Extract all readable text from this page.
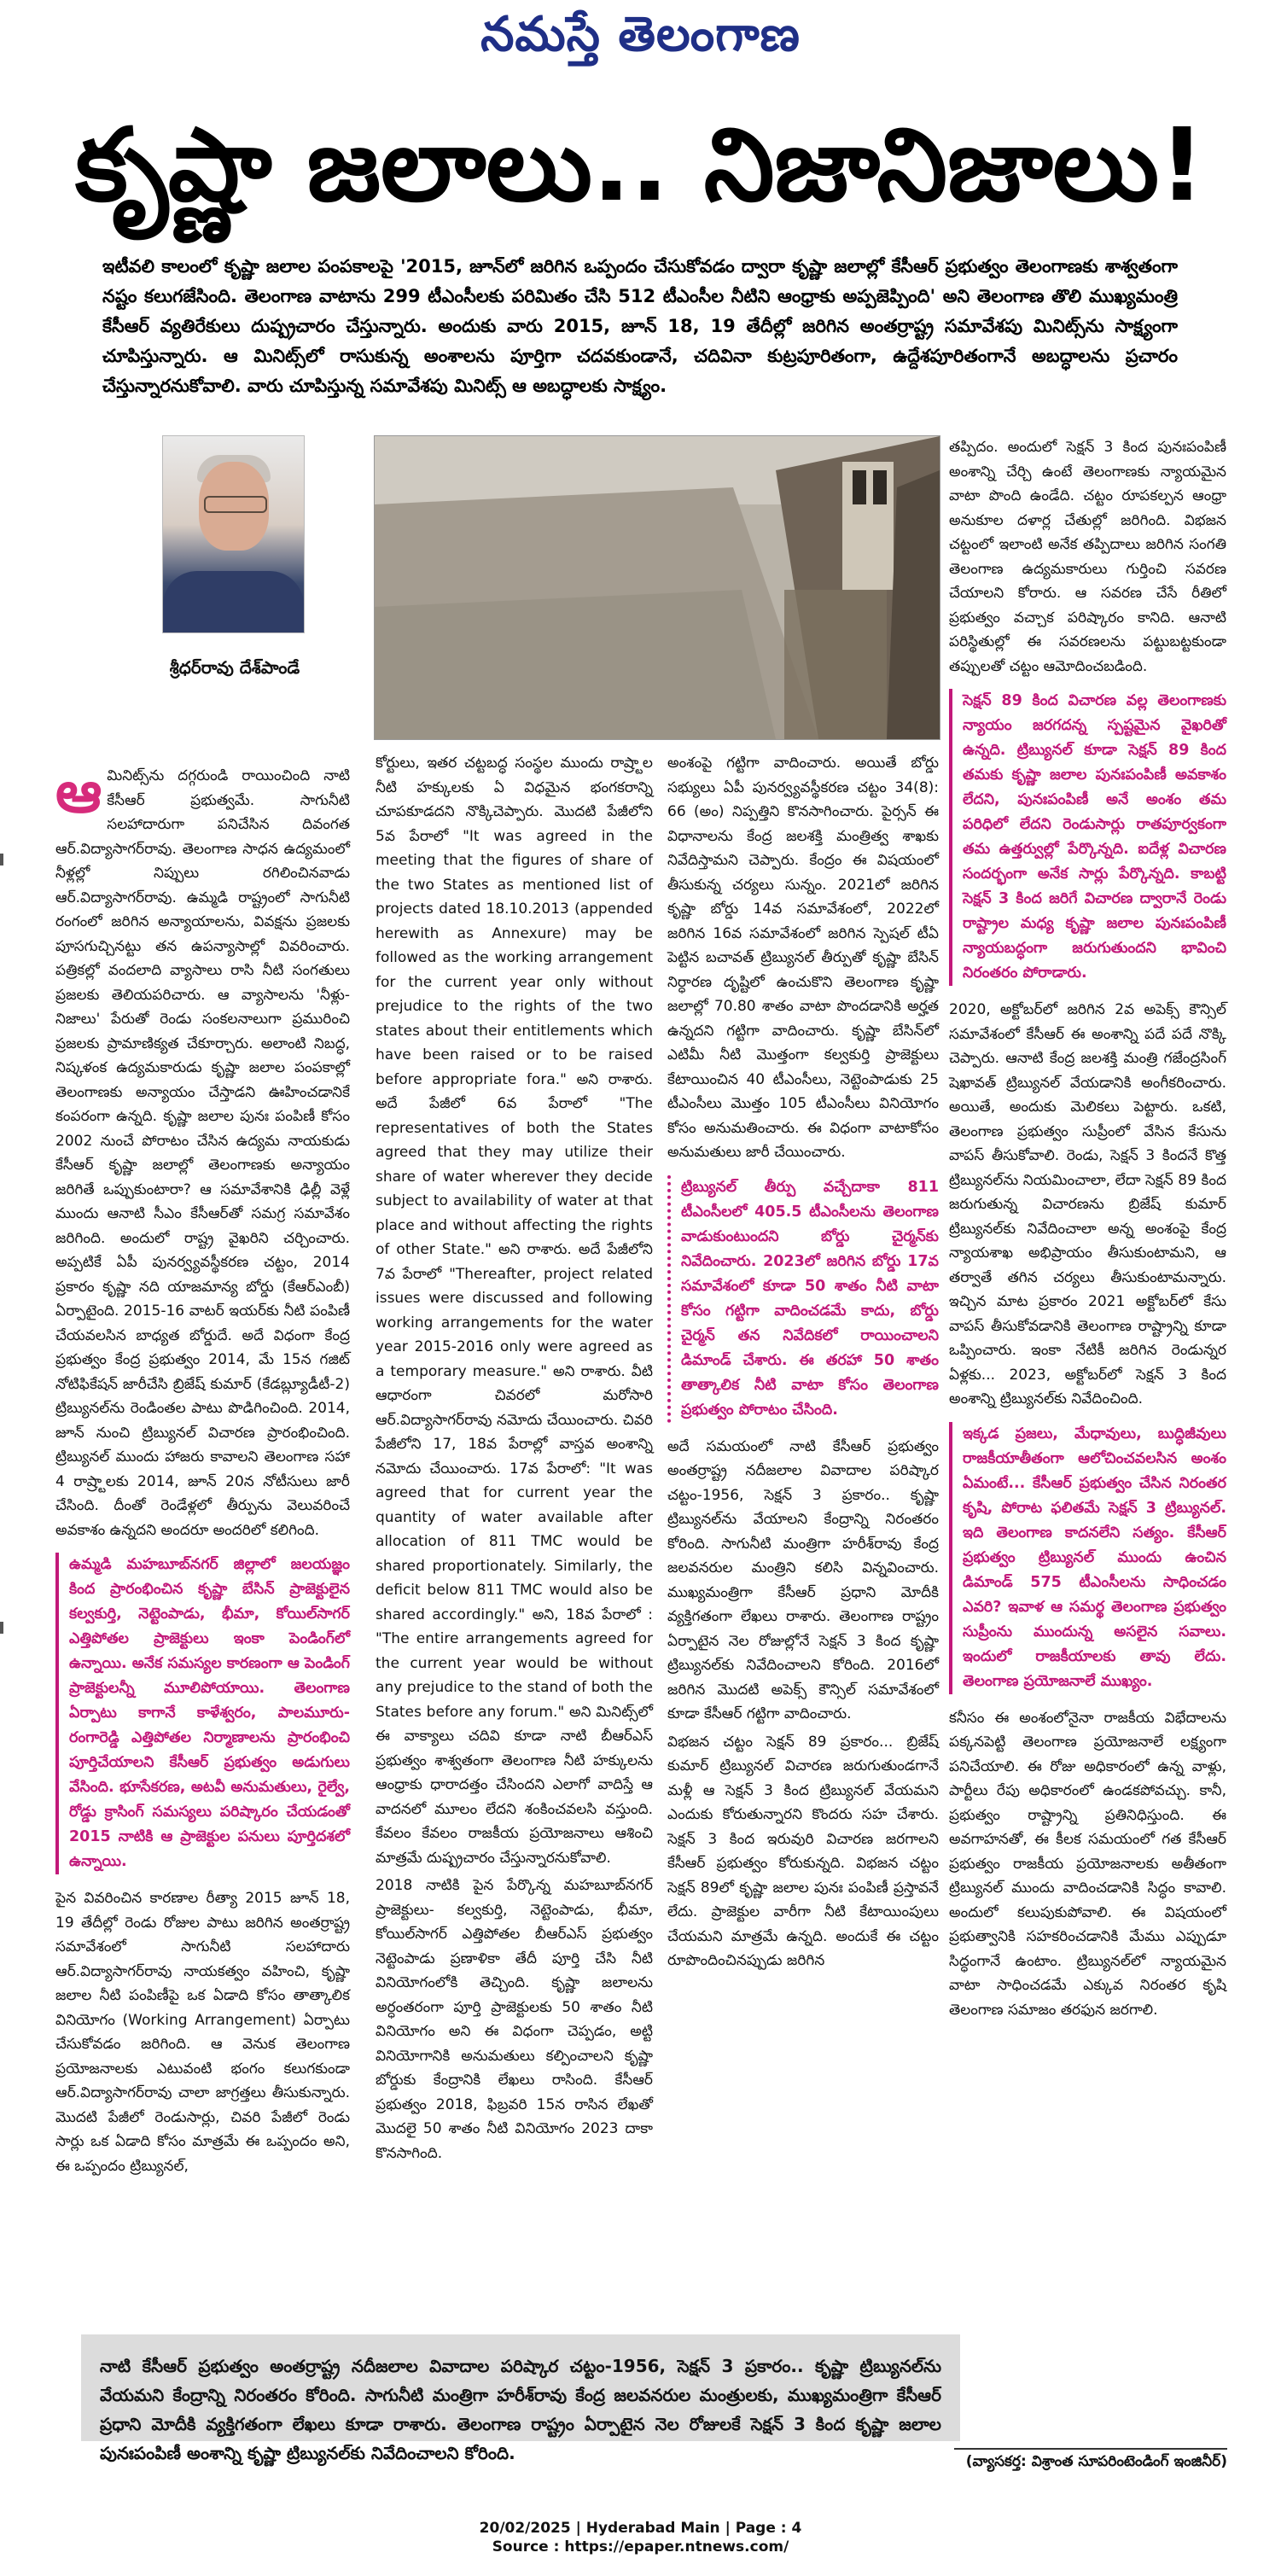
నమస్తే తెలంగాణ
కృష్ణా జలాలు.. నిజానిజాలు!
ఇటీవలి కాలంలో కృష్ణా జలాల పంపకాలపై '2015, జూన్‌లో జరిగిన ఒప్పందం చేసుకోవడం ద్వారా కృష్ణా జలాల్లో కేసీఆర్ ప్రభుత్వం తెలంగాణకు శాశ్వతంగా నష్టం కలుగజేసింది. తెలంగాణ వాటాను 299 టీఎంసీలకు పరిమితం చేసి 512 టీఎంసీల నీటిని ఆంధ్రాకు అప్పజెప్పింది' అని తెలంగాణ తొలి ముఖ్యమంత్రి కేసీఆర్ వ్యతిరేకులు దుష్ప్రచారం చేస్తున్నారు. అందుకు వారు 2015, జూన్ 18, 19 తేదీల్లో జరిగిన అంతర్రాష్ట్ర సమావేశపు మినిట్స్‌ను సాక్ష్యంగా చూపిస్తున్నారు. ఆ మినిట్స్‌లో రాసుకున్న అంశాలను పూర్తిగా చదవకుండానే, చదివినా కుట్రపూరితంగా, ఉద్దేశపూరితంగానే అబద్ధాలను ప్రచారం చేస్తున్నారనుకోవాలి. వారు చూపిస్తున్న సమావేశపు మినిట్స్ ఆ అబద్ధాలకు సాక్ష్యం.
శ్రీధర్‌రావు దేశ్‌పాండే

ఆమినిట్స్‌ను దగ్గరుండి రాయించింది నాటి కేసీఆర్ ప్రభుత్వమే. సాగునీటి సలహాదారుగా పనిచేసిన దివంగత ఆర్.విద్యాసాగర్‌రావు. తెలంగాణ సాధన ఉద్యమంలో నీళ్లల్లో నిప్పులు రగిలించినవాడు ఆర్.విద్యాసాగర్‌రావు. ఉమ్మడి రాష్ట్రంలో సాగునీటి రంగంలో జరిగిన అన్యాయాలను, వివక్షను ప్రజలకు పూసగుచ్చినట్టు తన ఉపన్యాసాల్లో వివరించారు. పత్రికల్లో వందలాది వ్యాసాలు రాసి నీటి సంగతులు ప్రజలకు తెలియపరిచారు. ఆ వ్యాసాలను 'నీళ్లు-నిజాలు' పేరుతో రెండు సంకలనాలుగా ప్రమురించి ప్రజలకు ప్రామాణిక్యత చేకూర్చారు. అలాంటి నిబద్ధ, నిష్కళంక ఉద్యమకారుడు కృష్ణా జలాల పంపకాల్లో తెలంగాణకు అన్యాయం చేస్తాడని ఊహించడానికే కంపరంగా ఉన్నది. కృష్ణా జలాల పునః పంపిణీ కోసం 2002 నుంచే పోరాటం చేసిన ఉద్యమ నాయకుడు కేసీఆర్ కృష్ణా జలాల్లో తెలంగాణకు అన్యాయం జరిగితే ఒప్పుకుంటారా? ఆ సమావేశానికి ఢిల్లీ వెళ్లే ముందు ఆనాటి సీఎం కేసీఆర్‌తో సమగ్ర సమావేశం జరిగింది. అందులో రాష్ట్ర వైఖరిని చర్చించారు. అప్పటికే ఏపీ పునర్వ్యవస్థీకరణ చట్టం, 2014 ప్రకారం కృష్ణా నది యాజమాన్య బోర్డు (కేఆర్ఎంబీ) ఏర్పాటైంది. 2015-16 వాటర్ ఇయర్‌కు నీటి పంపిణీ చేయవలసిన బాధ్యత బోర్డుదే. అదే విధంగా కేంద్ర ప్రభుత్వం కేంద్ర ప్రభుత్వం 2014, మే 15న గజిట్ నోటిఫికేషన్ జారీచేసి బ్రిజేష్ కుమార్ (కేడబ్ల్యూడీటీ-2) ట్రిబ్యునల్‌ను రెండింతల పాటు పొడిగించింది. 2014, జూన్ నుంచి ట్రిబ్యునల్ విచారణ ప్రారంభించింది. ట్రిబ్యునల్ ముందు హాజరు కావాలని తెలంగాణ సహా 4 రాష్ర్టాలకు 2014, జూన్ 20న నోటీసులు జారీ చేసింది. దీంతో రెండేళ్లలో తీర్పును వెలువరించే అవకాశం ఉన్నదని అందరూ అందరిలో కలిగింది.

ఉమ్మడి మహబూబ్‌నగర్ జిల్లాలో జలయజ్ఞం కింద ప్రారంభించిన కృష్ణా బేసిన్ ప్రాజెక్టులైన కల్వకుర్తి, నెట్టెంపాడు, భీమా, కోయిల్‌సాగర్ ఎత్తిపోతల ప్రాజెక్టులు ఇంకా పెండింగ్‌లో ఉన్నాయి. అనేక సమస్యల కారణంగా ఆ పెండింగ్ ప్రాజెక్టులన్నీ మూలిపోయాయి. తెలంగాణ ఏర్పాటు కాగానే కాళేశ్వరం, పాలమూరు-రంగారెడ్డి ఎత్తిపోతల నిర్మాణాలను ప్రారంభించి పూర్తిచేయాలని కేసీఆర్ ప్రభుత్వం అడుగులు వేసింది. భూసేకరణ, అటవీ అనుమతులు, రైల్వే, రోడ్డు క్రాసింగ్ సమస్యలు పరిష్కారం చేయడంతో 2015 నాటికి ఆ ప్రాజెక్టుల పనులు పూర్తిదశలో ఉన్నాయి.

పైన వివరించిన కారణాల రీత్యా 2015 జూన్ 18, 19 తేదీల్లో రెండు రోజుల పాటు జరిగిన అంతర్రాష్ట్ర సమావేశంలో సాగునీటి సలహాదారు ఆర్.విద్యాసాగర్‌రావు నాయకత్వం వహించి, కృష్ణా జలాల నీటి పంపిణీపై ఒక ఏడాది కోసం తాత్కాలిక వినియోగం (Working Arrangement) ఏర్పాటు చేసుకోవడం జరిగింది. ఆ వెనుక తెలంగాణ ప్రయోజనాలకు ఎటువంటి భంగం కలుగకుండా ఆర్.విద్యాసాగర్‌రావు చాలా జాగ్రత్తలు తీసుకున్నారు. మొదటి పేజీలో రెండుసార్లు, చివరి పేజీలో రెండు సార్లు ఒక ఏడాది కోసం మాత్రమే ఈ ఒప్పందం అని, ఈ ఒప్పందం ట్రిబ్యునల్,

కోర్టులు, ఇతర చట్టబద్ధ సంస్థల ముందు రాష్ర్టాల నీటి హక్కులకు ఏ విధమైన భంగకరాన్ని చూపకూడదని నొక్కిచెప్పారు. మొదటి పేజీలోని 5వ పేరాలో "It was agreed in the meeting that the figures of share of the two States as mentioned list of projects dated 18.10.2013 (appended herewith as Annexure) may be followed as the working arrangement for the current year only without prejudice to the rights of the two states about their entitlements which have been raised or to be raised before appropriate fora." అని రాశారు. అదే పేజీలో 6వ పేరాలో "The representatives of both the States agreed that they may utilize their share of water wherever they decide subject to availability of water at that place and without affecting the rights of other State." అని రాశారు. అదే పేజీలోని 7వ పేరాలో "Thereafter, project related issues were discussed and following working arrangements for the water year 2015-2016 only were agreed as a temporary measure." అని రాశారు. వీటి ఆధారంగా చివరలో మరోసారి ఆర్.విద్యాసాగర్‌రావు నమోదు చేయించారు. చివరి పేజీలోని 17, 18వ పేరాల్లో వాస్తవ అంశాన్ని నమోదు చేయించారు. 17వ పేరాలో: "It was agreed that for current year the quantity of water available after allocation of 811 TMC would be shared proportionately. Similarly, the deficit below 811 TMC would also be shared accordingly." అని, 18వ పేరాలో : "The entire arrangements agreed for the current year would be without any prejudice to the stand of both the States before any forum." అని మినిట్స్‌లో ఈ వాక్యాలు చదివి కూడా నాటి బీఆర్ఎస్ ప్రభుత్వం శాశ్వతంగా తెలంగాణ నీటి హక్కులను ఆంధ్రాకు ధారాదత్తం చేసిందని ఎలాగో వాదిస్తే ఆ వాదనలో మూలం లేదని శంకించవలసి వస్తుంది. కేవలం కేవలం రాజకీయ ప్రయోజనాలు ఆశించి మాత్రమే దుష్ప్రచారం చేస్తున్నారనుకోవాలి.

2018 నాటికి పైన పేర్కొన్న మహబూబ్‌నగర్ ప్రాజెక్టులు- కల్వకుర్తి, నెట్టెంపాడు, భీమా, కోయిల్‌సాగర్ ఎత్తిపోతల బీఆర్ఎస్ ప్రభుత్వం నెట్టెంపాడు ప్రణాళికా తేదీ పూర్తి చేసి నీటి వినియోగంలోకి తెచ్చింది. కృష్ణా జలాలను అర్ధంతరంగా పూర్తి ప్రాజెక్టులకు 50 శాతం నీటి వినియోగం అని ఈ విధంగా చెప్పడం, అట్టి వినియోగానికి అనుమతులు కల్పించాలని కృష్ణా బోర్డుకు కేంద్రానికి లేఖలు రాసింది. కేసీఆర్ ప్రభుత్వం 2018, ఫిబ్రవరి 15న రాసిన లేఖతో మొదలై 50 శాతం నీటి వినియోగం 2023 దాకా కొనసాగింది.

అంశంపై గట్టిగా వాదించారు. అయితే బోర్డు సభ్యులు ఏపీ పునర్వ్యవస్థీకరణ చట్టం 34(8): 66 (అం) నిప్పత్తిని కొనసాగించారు. పైర్సన్ ఈ విధానాలను కేంద్ర జలశక్తి మంత్రిత్వ శాఖకు నివేదిస్తామని చెప్పారు. కేంద్రం ఈ విషయంలో తీసుకున్న చర్యలు సున్నం. 2021లో జరిగిన కృష్ణా బోర్డు 14వ సమావేశంలో, 2022లో జరిగిన 16వ సమావేశంలో జరిగిన స్పెషల్ టీఏ పెట్టిన బచావత్ ట్రిబ్యునల్ తీర్పుతో కృష్ణా బేసిన్ నిర్ధారణ దృష్టిలో ఉంచుకొని తెలంగాణ కృష్ణా జలాల్లో 70.80 శాతం వాటా పొందడానికి అర్హత ఉన్నదని గట్టిగా వాదించారు. కృష్ణా బేసిన్‌లో ఎటిమీ నీటి మొత్తంగా కల్వకుర్తి ప్రాజెక్టులు కేటాయించిన 40 టీఎంసీలు, నెట్టెంపాడుకు 25 టీఎంసీలు మొత్తం 105 టీఎంసీలు వినియోగం కోసం అనుమతించారు. ఈ విధంగా వాటాకోసం అనుమతులు జారీ చేయించారు.

ట్రిబ్యునల్ తీర్పు వచ్చేదాకా 811 టీఎంసీలలో 405.5 టీఎంసీలను తెలంగాణ వాడుకుంటుందని బోర్డు చైర్మన్‌కు నివేదించారు. 2023లో జరిగిన బోర్డు 17వ సమావేశంలో కూడా 50 శాతం నీటి వాటా కోసం గట్టిగా వాదించడమే కాదు, బోర్డు చైర్మన్ తన నివేదికలో రాయించాలని డిమాండ్ చేశారు. ఈ తరహా 50 శాతం తాత్కాలిక నీటి వాటా కోసం తెలంగాణ ప్రభుత్వం పోరాటం చేసింది.

అదే సమయంలో నాటి కేసీఆర్ ప్రభుత్వం అంతర్రాష్ట్ర నదీజలాల వివాదాల పరిష్కార చట్టం-1956, సెక్షన్ 3 ప్రకారం.. కృష్ణా ట్రిబ్యునల్‌ను వేయాలని కేంద్రాన్ని నిరంతరం కోరింది. సాగునీటి మంత్రిగా హరీశ్‌రావు కేంద్ర జలవనరుల మంత్రిని కలిసి విన్నవించారు. ముఖ్యమంత్రిగా కేసీఆర్ ప్రధాని మోదీకి వ్యక్తిగతంగా లేఖలు రాశారు. తెలంగాణ రాష్ట్రం ఏర్పాటైన నెల రోజుల్లోనే సెక్షన్ 3 కింద కృష్ణా ట్రిబ్యునల్‌కు నివేదించాలని కోరింది. 2016లో జరిగిన మొదటి అపెక్స్ కౌన్సిల్ సమావేశంలో కూడా కేసీఆర్ గట్టిగా వాదించారు.

విభజన చట్టం సెక్షన్ 89 ప్రకారం... బ్రిజేష్ కుమార్ ట్రిబ్యునల్ విచారణ జరుగుతుండగానే మళ్లీ ఆ సెక్షన్ 3 కింద ట్రిబ్యునల్ వేయమని ఎందుకు కోరుతున్నారని కొందరు సహ చేశారు. సెక్షన్ 3 కింద ఇరువురి విచారణ జరగాలని కేసీఆర్ ప్రభుత్వం కోరుకున్నది. విభజన చట్టం సెక్షన్ 89లో కృష్ణా జలాల పునః పంపిణీ ప్రస్తావనే లేదు. ప్రాజెక్టుల వారీగా నీటి కేటాయింపులు చేయమని మాత్రమే ఉన్నది. అందుకే ఈ చట్టం రూపొందించినప్పుడు జరిగిన

తప్పిదం. అందులో సెక్షన్ 3 కింద పునఃపంపిణీ అంశాన్ని చేర్చి ఉంటే తెలంగాణకు న్యాయమైన వాటా పొంది ఉండేది. చట్టం రూపకల్పన ఆంధ్రా అనుకూల దళార్ల చేతుల్లో జరిగింది. విభజన చట్టంలో ఇలాంటి అనేక తప్పిదాలు జరిగిన సంగతి తెలంగాణ ఉద్యమకారులు గుర్తించి సవరణ చేయాలని కోరారు. ఆ సవరణ చేసే రీతిలో ప్రభుత్వం వచ్చాక పరిష్కారం కానిది. ఆనాటి పరిస్థితుల్లో ఈ సవరణలను పట్టుబట్టకుండా తప్పులతో చట్టం ఆమోదించబడింది.

సెక్షన్ 89 కింద విచారణ వల్ల తెలంగాణకు న్యాయం జరగదన్న స్పష్టమైన వైఖరితో ఉన్నది. ట్రిబ్యునల్ కూడా సెక్షన్ 89 కింద తమకు కృష్ణా జలాల పునఃపంపిణీ అవకాశం లేదని, పునఃపంపిణీ అనే అంశం తమ పరిధిలో లేదని రెండుసార్లు రాతపూర్వకంగా తమ ఉత్తర్వుల్లో పేర్కొన్నది. ఐదేళ్ల విచారణ సందర్భంగా అనేక సార్లు పేర్కొన్నది. కాబట్టి సెక్షన్ 3 కింద జరిగే విచారణ ద్వారానే రెండు రాష్ట్రాల మధ్య కృష్ణా జలాల పునఃపంపిణీ న్యాయబద్ధంగా జరుగుతుందని భావించి నిరంతరం పోరాడారు.

2020, అక్టోబర్‌లో జరిగిన 2వ అపెక్స్ కౌన్సిల్ సమావేశంలో కేసీఆర్ ఈ అంశాన్ని పదే పదే నొక్కి చెప్పారు. ఆనాటి కేంద్ర జలశక్తి మంత్రి గజేంద్రసింగ్ షెఖావత్ ట్రిబ్యునల్ వేయడానికి అంగీకరించారు. అయితే, అందుకు మెలికలు పెట్టారు. ఒకటి, తెలంగాణ ప్రభుత్వం సుప్రీంలో వేసిన కేసును వాపస్ తీసుకోవాలి. రెండు, సెక్షన్ 3 కిందనే కొత్త ట్రిబ్యునల్‌ను నియమించాలా, లేదా సెక్షన్ 89 కింద జరుగుతున్న విచారణను బ్రిజేష్ కుమార్ ట్రిబ్యునల్‌కు నివేదించాలా అన్న అంశంపై కేంద్ర న్యాయశాఖ అభిప్రాయం తీసుకుంటామని, ఆ తర్వాతే తగిన చర్యలు తీసుకుంటామన్నారు. ఇచ్చిన మాట ప్రకారం 2021 అక్టోబర్‌లో కేసు వాపస్ తీసుకోవడానికి తెలంగాణ రాష్ట్రాన్ని కూడా ఒప్పించారు. ఇంకా నేటికీ జరిగిన రెండున్నర ఏళ్లకు... 2023, అక్టోబర్‌లో సెక్షన్ 3 కింద అంశాన్ని ట్రిబ్యునల్‌కు నివేదించింది.

ఇక్కడ ప్రజలు, మేధావులు, బుద్ధిజీవులు రాజకీయాతీతంగా ఆలోచించవలసిన అంశం ఏమంటే... కేసీఆర్ ప్రభుత్వం చేసిన నిరంతర కృషి, పోరాట ఫలితమే సెక్షన్ 3 ట్రిబ్యునల్. ఇది తెలంగాణ కాదనలేని సత్యం. కేసీఆర్ ప్రభుత్వం ట్రిబ్యునల్ ముందు ఉంచిన డిమాండ్ 575 టీఎంసీలను సాధించడం ఎవరి? ఇవాళ ఆ సమర్థ తెలంగాణ ప్రభుత్వం సుప్రీంను ముందున్న అసలైన సవాలు. ఇందులో రాజకీయాలకు తావు లేదు. తెలంగాణ ప్రయోజనాలే ముఖ్యం.

కనీసం ఈ అంశంలోనైనా రాజకీయ విభేదాలను పక్కనపెట్టి తెలంగాణ ప్రయోజనాలే లక్ష్యంగా పనిచేయాలి. ఈ రోజు అధికారంలో ఉన్న వాళ్లు, పార్టీలు రేపు అధికారంలో ఉండకపోవచ్చు. కానీ, ప్రభుత్వం రాష్ట్రాన్ని ప్రతినిధిస్తుంది. ఈ అవగాహనతో, ఈ కీలక సమయంలో గత కేసీఆర్ ప్రభుత్వం రాజకీయ ప్రయోజనాలకు అతీతంగా ట్రిబ్యునల్ ముందు వాదించడానికి సిద్ధం కావాలి. అందులో కలుపుకుపోవాలి. ఈ విషయంలో ప్రభుత్వానికి సహకరించడానికి మేము ఎప్పుడూ సిద్ధంగానే ఉంటాం. ట్రిబ్యునల్‌లో న్యాయమైన వాటా సాధించడమే ఎక్కువ నిరంతర కృషి తెలంగాణ సమాజం తరఫున జరగాలి.

నాటి కేసీఆర్ ప్రభుత్వం అంతర్రాష్ట్ర నదీజలాల వివాదాల పరిష్కార చట్టం-1956, సెక్షన్ 3 ప్రకారం.. కృష్ణా ట్రిబ్యునల్‌ను వేయమని కేంద్రాన్ని నిరంతరం కోరింది. సాగునీటి మంత్రిగా హరీశ్‌రావు కేంద్ర జలవనరుల మంత్రులకు, ముఖ్యమంత్రిగా కేసీఆర్ ప్రధాని మోదీకి వ్యక్తిగతంగా లేఖలు కూడా రాశారు. తెలంగాణ రాష్ట్రం ఏర్పాటైన నెల రోజులకే సెక్షన్ 3 కింద కృష్ణా జలాల పునఃపంపిణీ అంశాన్ని కృష్ణా ట్రిబ్యునల్‌కు నివేదించాలని కోరింది.	(వ్యాసకర్త: విశ్రాంత సూపరింటెండింగ్ ఇంజినీర్)
20/02/2025 | Hyderabad Main | Page : 4
Source : https://epaper.ntnews.com/
